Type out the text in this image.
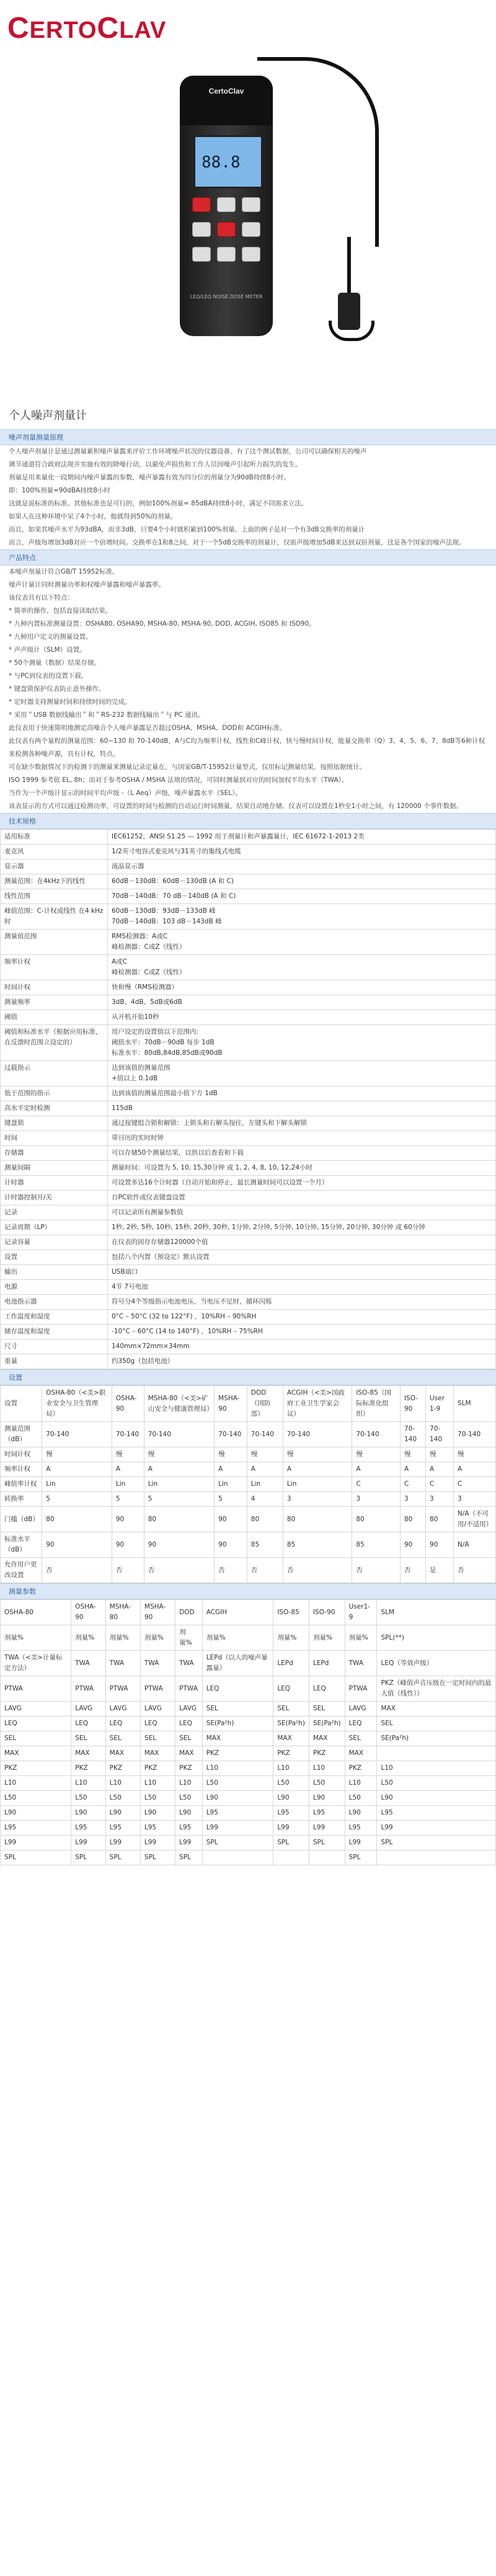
CERTOCLAV
CertoClav
88.8
LEQ/LEQ NOISE DOSE METER
个人噪声剂量计
噪声剂量测量原理

个人噪声剂量计是通过测量累积噪声暴露来评价工作环境噪声状况的仪器设备。有了这个测试数据，公司可以确保相关的噪声

调节通道符合政府法规并实施有效的降噪行动，以避免声损伤和工作人员因噪声引起听力损失的发生。

剂量是用来量化一段期间内噪声暴露的参数，噪声暴露有效为四分位的剂量分为90dB持续8小时。

即：100%剂量=90dBA持续8小时

这就是说标准的标准。其他标准也是可行的，例如100%剂量= 85dBA持续8小时，满足不同需求立法。

如果人在这种环境中呆了4个小时，他就得到50%的剂量。

而且，如果其噪声水平为93dBA，而非3dB，只要4个小时就积累到100%剂量。上面的例子是对一个有3dB交换率的剂量计

而言，声级每增加3dB对应一个倍增时间。交换率在1和8之间，对于一个5dB交换率的剂量计，仅需声级增加5dB来达到双倍剂量，这是各个国家的噪声法规。

产品特点

本噪声剂量计符合GB/T 15952标准。

噪声计量计同时测量功率和权噪声暴露和噪声暴露率。

该仪表具有以下特点：

* 简单的操作，包括直接读取结果。

* 九种内置标准测量设置：OSHA80, OSHA90, MSHA-80, MSHA-90, DOD, ACGIH, ISO85 和 ISO90。

* 九种用户定义的测量设置。

* 声声级计（SLM）设置。

* 50个测量（数据）结果存储。

* 与PC到仪表的设置下载。

* 键盘锁保护仪表防止意外操作。

* 定时器支持测量时间和持续时间的完成。

* 采用＂USB 数据线输出＂和＂RS-232 数据线输出＂与 PC 通讯。

此仪表用于快速简明地测定高噪音个人噪声暴露是否超过OSHA、MSHA、DOD和 ACGIH标准。

此仪表有两个量程的测量范围：60~130 和 70-140dB，A与C均为频率计权，线性和C峰计权，快与慢时间计权，能量交换率（Q）3、4、5、6、7、8dB等6种计权来检测各种噪声源，具有计权，特点。

可在缺少数据情况下的检测下的测量来测量记录定量在，与国家GB/T-15952计量型式，仅用标记测量结果，按照依据统计。

ISO 1999 参考值 EL, 8h；而对于参考OSHA / MSHA 法规的情况，可同时测量到对应的时间加权平均水平（TWA）。

当作为一个声级计显示的时间平均声级 -（L Aeq）声级，噪声暴露水平（SEL）。

该表显示的方式可以通过检测功率，可设置的时间与检测的自动运行时间测量，结果自动地存储。仪表可以设置在1秒至1小时之间，有 120000 个事件数据。

技术规格
适用标准	IEC61252，ANSI S1.25 — 1992 用于剂量计和声暴露量计，IEC 61672-1-2013 2类

麦克风	1/2英寸电容式麦克风与31英寸的集线式电缆

显示器	液晶显示器

测量范围：在4kHz下的线性	60dB－130dB：60dB－130dB (A 和 C)

线性范围	70dB－140dB：70 dB－140dB (A 和 C)

峰值范围：C-计权或线性 在4 kHz时	60dB－130dB：93dB－133dB 峰
70dB－140dB：103 dB－143dB 峰

测量值范围	RMS检测器：A或C
峰检测器：C或Z（线性）

频率计权	A或C
峰检测器：C或Z（线性）

时间计权	快和慢（RMS检测器）

测量频率	3dB、4dB、5dB或6dB

阈值	从开机开始10秒

阈值和标准水平（根据应用标准，在反馈时范围立设定的）	用户设定的设置值以下范围内:
阈值水平：70dB－90dB 每步 1dB
标准水平：80dB,84dB,85dB或90dB

过载指示	达到该值的测量范围
+值以上 0.1dB

低于范围的指示	达到该值的测量范围最小值下方 1dB

高水平定时检测	115dB

键盘锁	通过按键组合锁和解锁：上锁头和右解头按住，左键头和下解头解锁

时间	带日历的实时时钟

存储器	可以存储50个测量结果，以供以后查看和下载

测量间隔	测量时间：可设置为 5, 10, 15,30分钟 或 1, 2, 4, 8, 10, 12,24小时

计时器	可设置多达16个计时器（自动开始和停止，最长测量时间可以设置一个月）

计时器控制开/关	自PC软件或仪表键盘设置

记录	可以记录所有测量参数值

记录周期（LP）	1秒, 2秒, 5秒, 10秒, 15秒, 20秒, 30秒, 1分钟, 2分钟, 5分钟, 10分钟, 15分钟, 20分钟, 30分钟 或 60分钟

记录容量	在仪表的固存存储器120000个值

设置	包括八个内置（预设定）默认设置

输出	USB端口

电源	4节 7号电池

电池指示器	符号分4个等级指示电池电压，当电压不足时，循环闪烁

工作温度和湿度	0°C – 50°C (32 to 122°F) ，10%RH – 90%RH

储存温度和湿度	-10°C – 60°C (14 to 140°F) ，10%RH – 75%RH

尺寸	140mm×72mm×34mm

重量	约350g（包括电池）
设置
设置	OSHA-80（<美>职业安全与卫生管理局）	OSHA-90	MSHA-80（<美>矿山安全与健康管理局）	MSHA-90	DOD（国防部）	ACGIH（<美>国政府工业卫生学家会议）	ISO-85（国际标准化组织）	ISO-90	User 1-9	SLM
测量范围（dB）	70-140	70-140	70-140	70-140	70-140	70-140	70-140	70-140	70-140	70-140
时间计权	慢	慢	慢	慢	慢	慢	慢	慢	慢	慢
频率计权	A	A	A	A	A	A	A	A	A	A
峰值率计权	Lin	Lin	Lin	Lin	Lin	Lin	C	C	C	C
转换率	5	5	5	5	4	3	3	3	3	3
门槛（dB）	80	90	80	90	80	80	80	80	80	N/A（不可用/不适用）
标准水平（dB）	90	90	90	90	85	85	85	90	90	N/A
允许用户更改设置	否	否	否	否	否	否	否	否	是	否
测量参数
OSHA-80	OSHA-90	MSHA-80	MSHA-90	DOD	ACGIH	ISO-85	ISO-90	User1-9	SLM
剂量%	剂量%	剂量%	剂量%	剂量%	剂量%	剂量%	剂量%	剂量%	SPL(**)
TWA（<美>计量标定方法）	TWA	TWA	TWA	TWA	LEPd（以人的噪声暴露量）	LEPd	LEPd	TWA	LEQ（等效声级）
PTWA	PTWA	PTWA	PTWA	PTWA	LEQ	LEQ	LEQ	PTWA	PKZ（峰值声音压级在一定时间内的最大值（线性））
LAVG	LAVG	LAVG	LAVG	LAVG	SEL	SEL	SEL	LAVG	MAX
LEQ	LEQ	LEQ	LEQ	LEQ	SE(Pa²h)	SE(Pa²h)	SE(Pa²h)	LEQ	SEL
SEL	SEL	SEL	SEL	SEL	MAX	MAX	MAX	SEL	SE(Pa²h)
MAX	MAX	MAX	MAX	MAX	PKZ	PKZ	PKZ	MAX	
PKZ	PKZ	PKZ	PKZ	PKZ	L10	L10	L10	PKZ	L10
L10	L10	L10	L10	L10	L50	L50	L50	L10	L50
L50	L50	L50	L50	L50	L90	L90	L90	L50	L90
L90	L90	L90	L90	L90	L95	L95	L95	L90	L95
L95	L95	L95	L95	L95	L99	L99	L99	L95	L99
L99	L99	L99	L99	L99	SPL	SPL	SPL	L99	SPL
SPL	SPL	SPL	SPL	SPL				SPL	
